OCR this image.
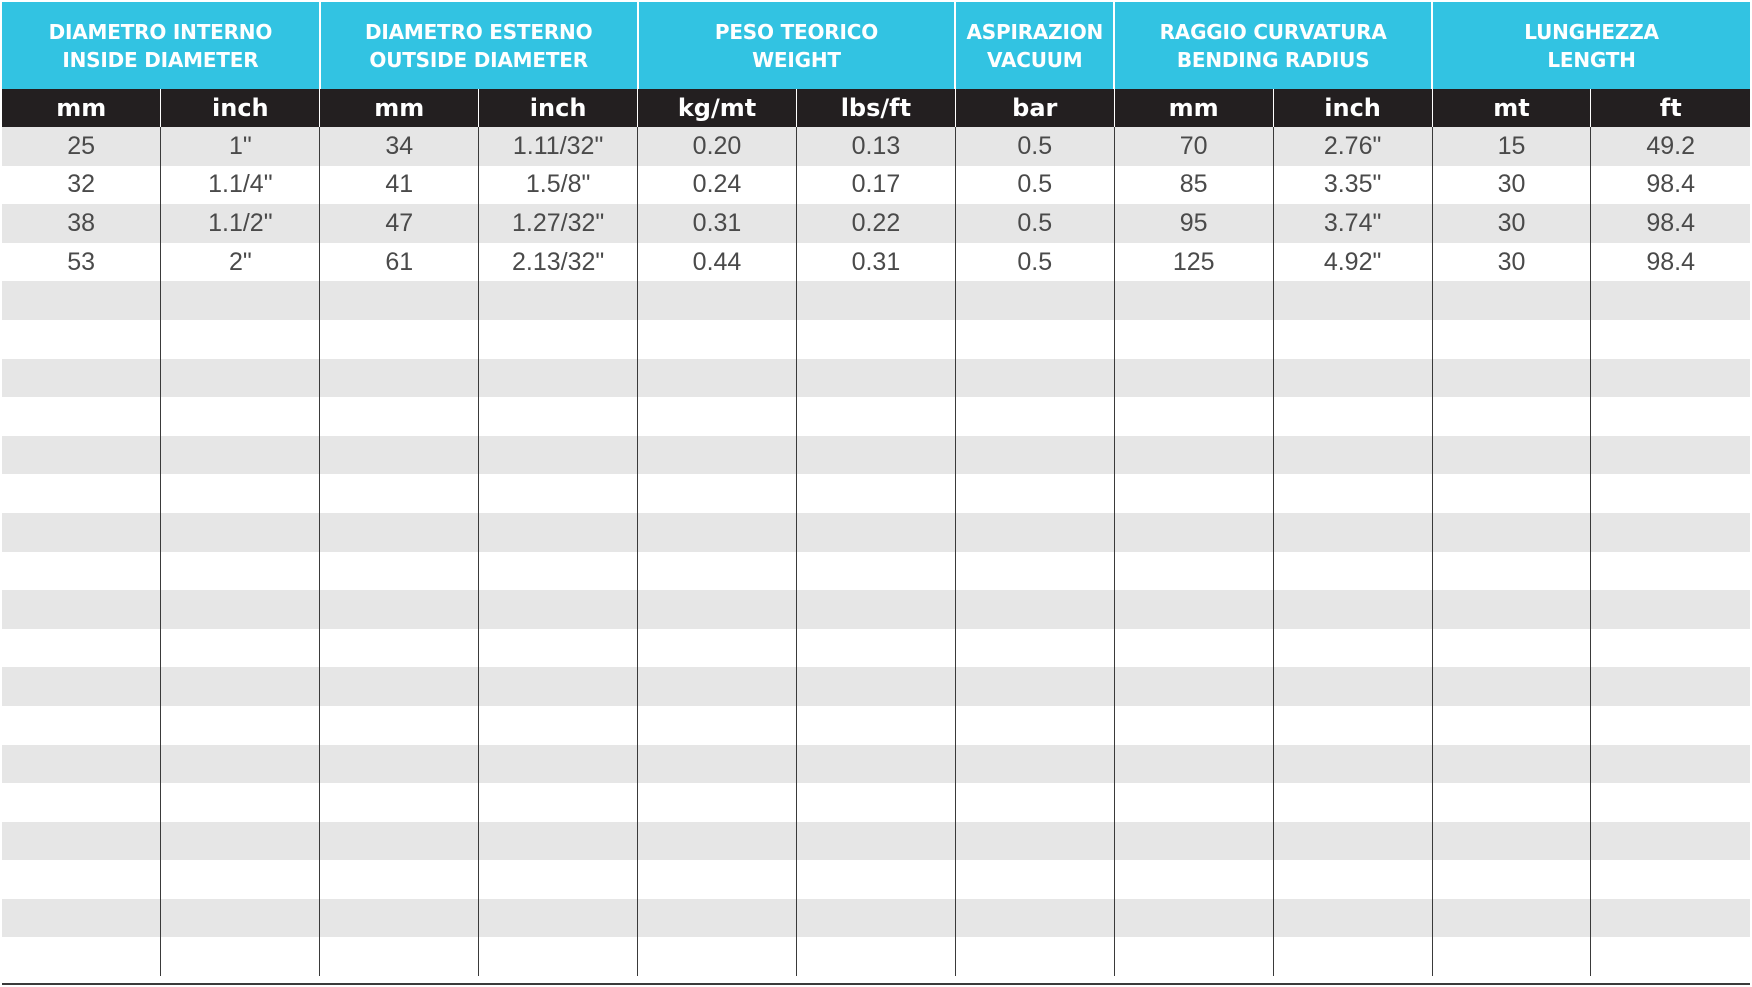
DIAMETRO INTERNO
INSIDE DIAMETER		DIAMETRO ESTERNO
OUTSIDE DIAMETER		PESO TEORICO
WEIGHT		ASPIRAZION
VACUUM	RAGGIO CURVATURA
BENDING RADIUS		LUNGHEZZA
LENGTH	

mm	inch	mm	inch	kg/mt	lbs/ft	bar	mm	inch	mt	ft
25	1"	34	1.11/32"	0.20	0.13	0.5	70	2.76"	15	49.2
32	1.1/4"	41	1.5/8"	0.24	0.17	0.5	85	3.35"	30	98.4
38	1.1/2"	47	1.27/32"	0.31	0.22	0.5	95	3.74"	30	98.4
53	2"	61	2.13/32"	0.44	0.31	0.5	125	4.92"	30	98.4
